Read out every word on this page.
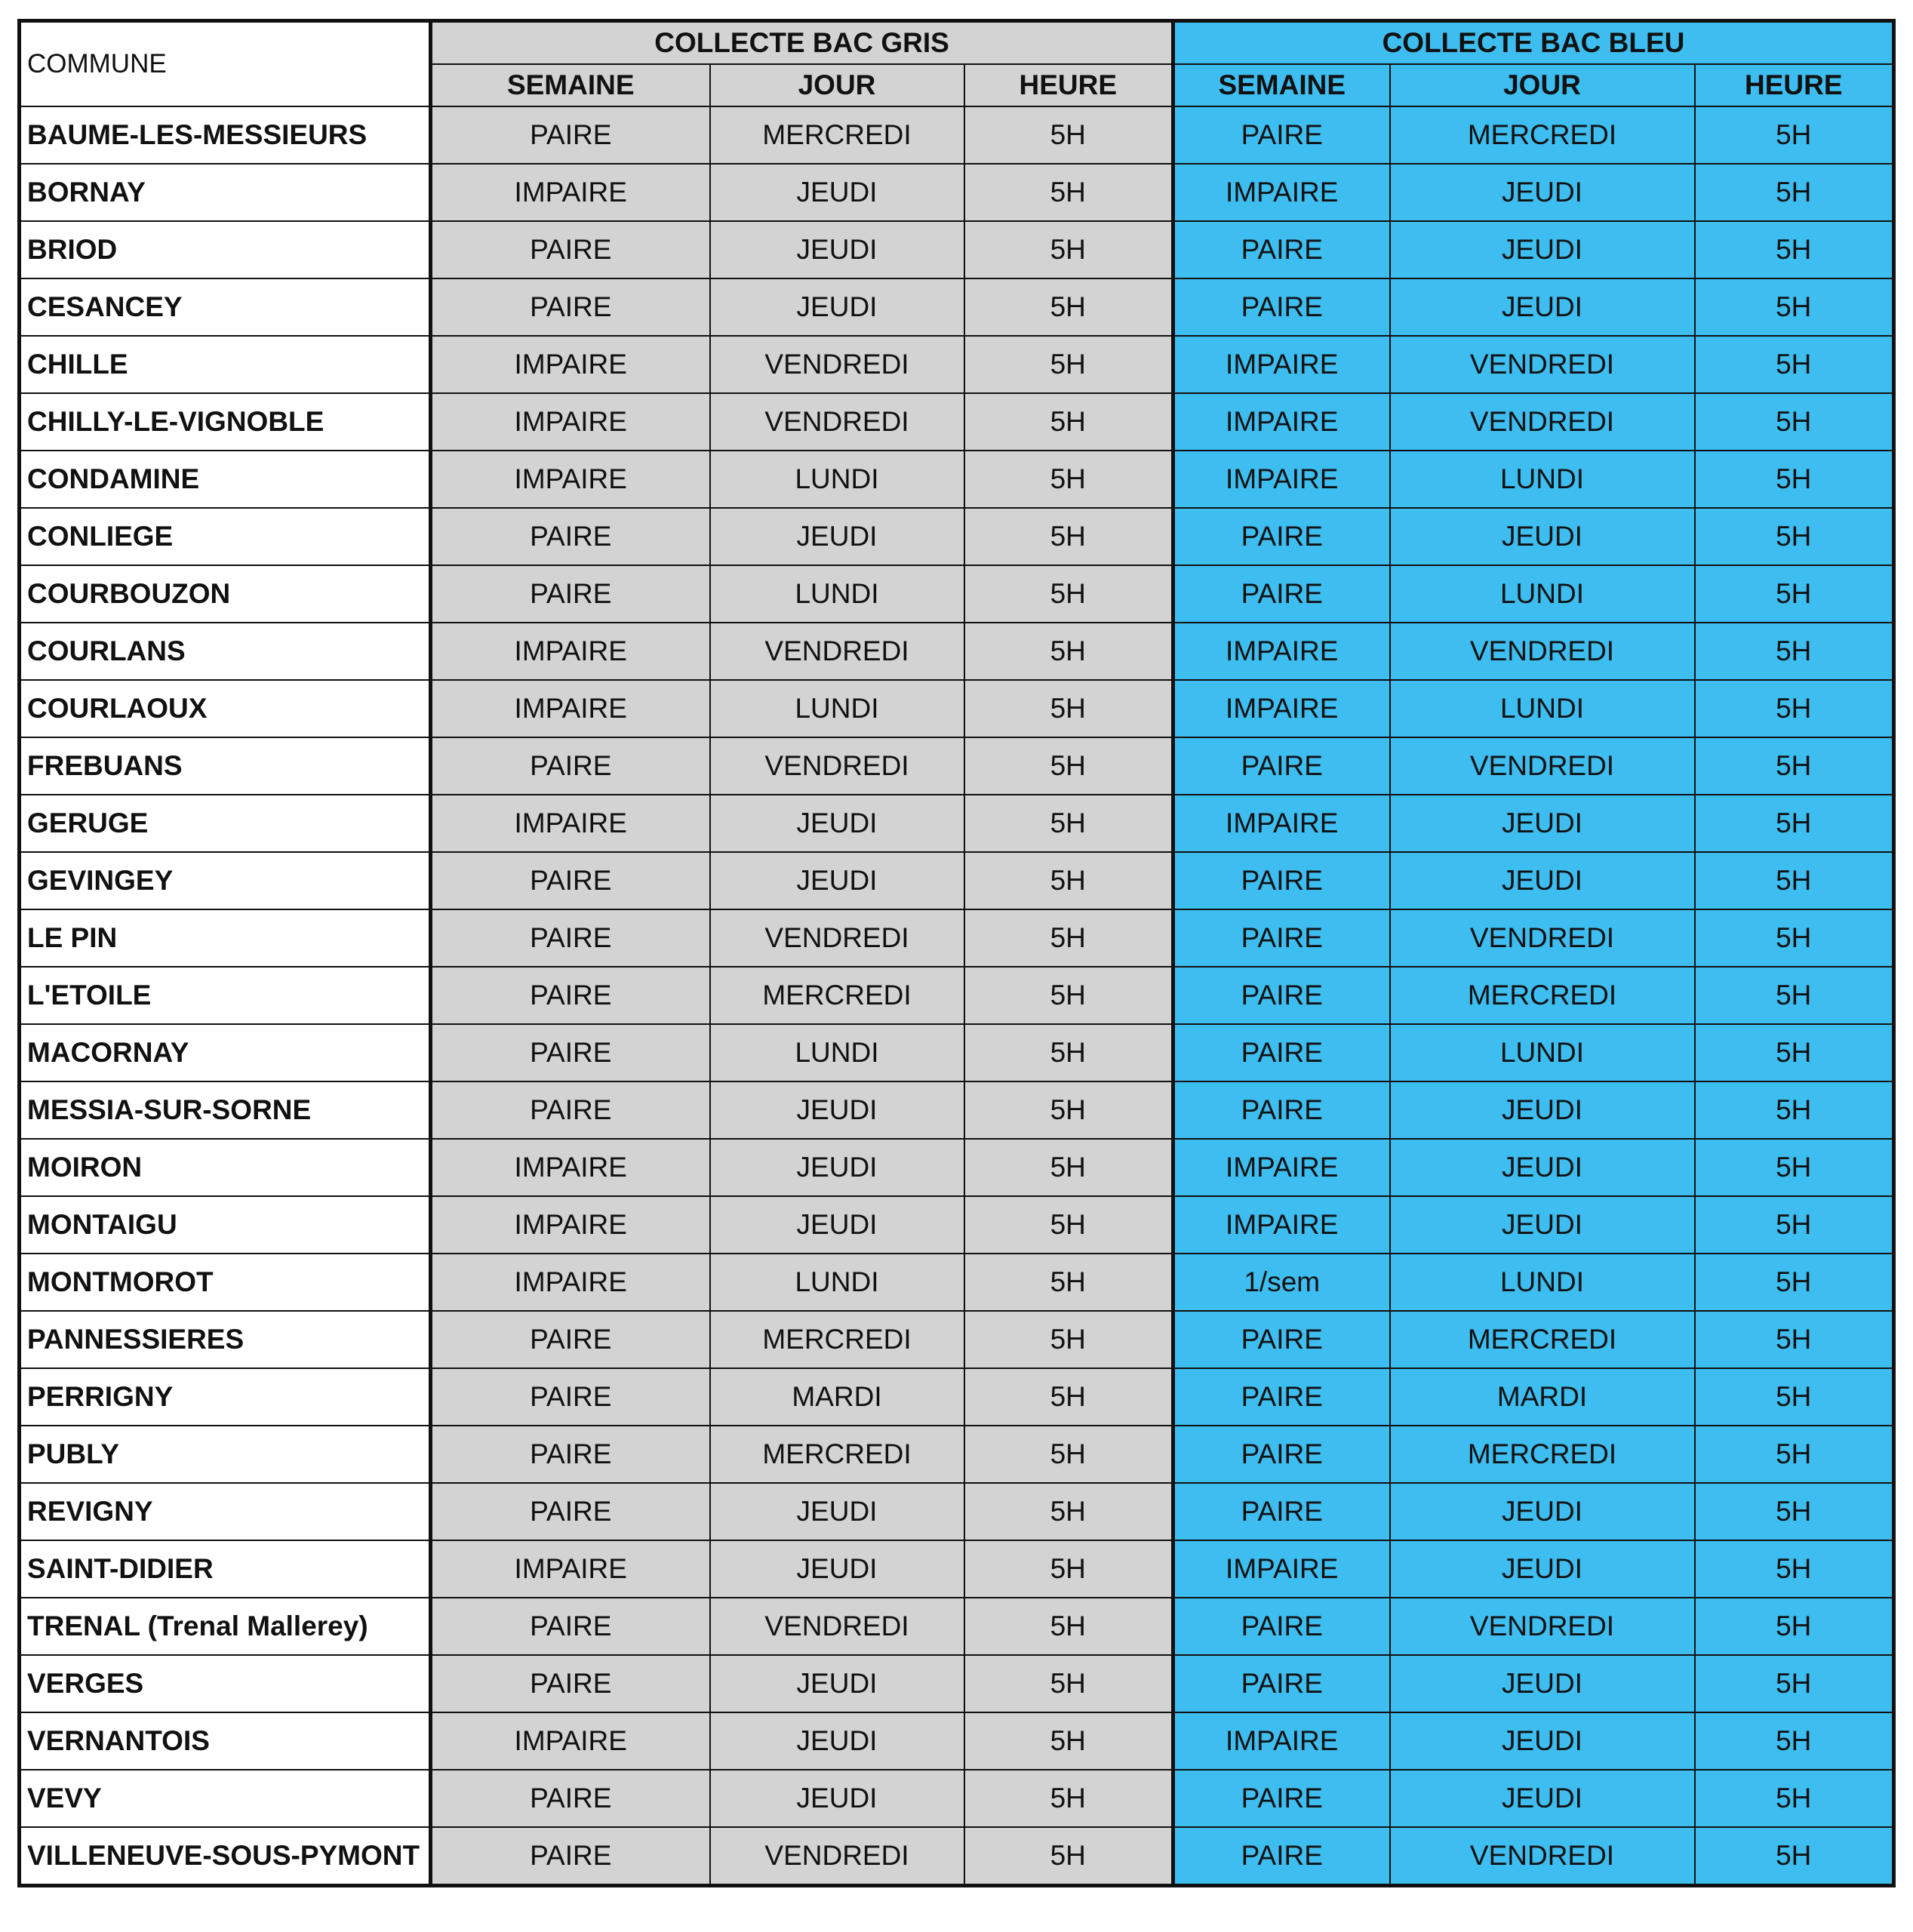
COMMUNE	COLLECTE BAC GRIS			COLLECTE BAC BLEU		
	SEMAINE	JOUR	HEURE	SEMAINE	JOUR	HEURE
BAUME-LES-MESSIEURS	PAIRE	MERCREDI	5H	PAIRE	MERCREDI	5H
BORNAY	IMPAIRE	JEUDI	5H	IMPAIRE	JEUDI	5H
BRIOD	PAIRE	JEUDI	5H	PAIRE	JEUDI	5H
CESANCEY	PAIRE	JEUDI	5H	PAIRE	JEUDI	5H
CHILLE	IMPAIRE	VENDREDI	5H	IMPAIRE	VENDREDI	5H
CHILLY-LE-VIGNOBLE	IMPAIRE	VENDREDI	5H	IMPAIRE	VENDREDI	5H
CONDAMINE	IMPAIRE	LUNDI	5H	IMPAIRE	LUNDI	5H
CONLIEGE	PAIRE	JEUDI	5H	PAIRE	JEUDI	5H
COURBOUZON	PAIRE	LUNDI	5H	PAIRE	LUNDI	5H
COURLANS	IMPAIRE	VENDREDI	5H	IMPAIRE	VENDREDI	5H
COURLAOUX	IMPAIRE	LUNDI	5H	IMPAIRE	LUNDI	5H
FREBUANS	PAIRE	VENDREDI	5H	PAIRE	VENDREDI	5H
GERUGE	IMPAIRE	JEUDI	5H	IMPAIRE	JEUDI	5H
GEVINGEY	PAIRE	JEUDI	5H	PAIRE	JEUDI	5H
LE PIN	PAIRE	VENDREDI	5H	PAIRE	VENDREDI	5H
L'ETOILE	PAIRE	MERCREDI	5H	PAIRE	MERCREDI	5H
MACORNAY	PAIRE	LUNDI	5H	PAIRE	LUNDI	5H
MESSIA-SUR-SORNE	PAIRE	JEUDI	5H	PAIRE	JEUDI	5H
MOIRON	IMPAIRE	JEUDI	5H	IMPAIRE	JEUDI	5H
MONTAIGU	IMPAIRE	JEUDI	5H	IMPAIRE	JEUDI	5H
MONTMOROT	IMPAIRE	LUNDI	5H	1/sem	LUNDI	5H
PANNESSIERES	PAIRE	MERCREDI	5H	PAIRE	MERCREDI	5H
PERRIGNY	PAIRE	MARDI	5H	PAIRE	MARDI	5H
PUBLY	PAIRE	MERCREDI	5H	PAIRE	MERCREDI	5H
REVIGNY	PAIRE	JEUDI	5H	PAIRE	JEUDI	5H
SAINT-DIDIER	IMPAIRE	JEUDI	5H	IMPAIRE	JEUDI	5H
TRENAL (Trenal Mallerey)	PAIRE	VENDREDI	5H	PAIRE	VENDREDI	5H
VERGES	PAIRE	JEUDI	5H	PAIRE	JEUDI	5H
VERNANTOIS	IMPAIRE	JEUDI	5H	IMPAIRE	JEUDI	5H
VEVY	PAIRE	JEUDI	5H	PAIRE	JEUDI	5H
VILLENEUVE-SOUS-PYMONT	PAIRE	VENDREDI	5H	PAIRE	VENDREDI	5H
